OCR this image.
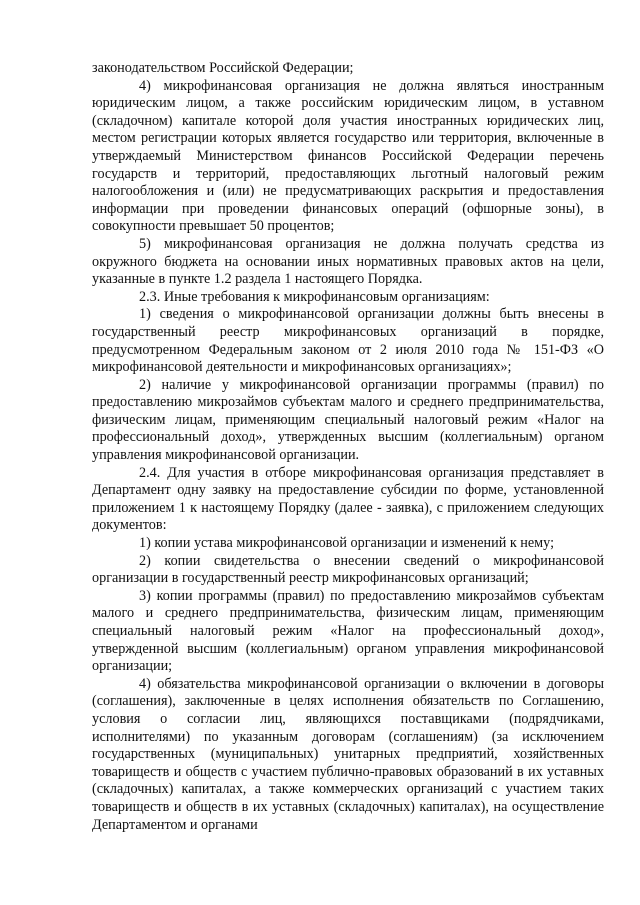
законодательством Российской Федерации;

4) микрофинансовая организация не должна являться иностранным юридическим лицом, а также российским юридическим лицом, в уставном (складочном) капитале которой доля участия иностранных юридических лиц, местом регистрации которых является государство или территория, включенные в утверждаемый Министерством финансов Российской Федерации перечень государств и территорий, предоставляющих льготный налоговый режим налогообложения и (или) не предусматривающих раскрытия и предоставления информации при проведении финансовых операций (офшорные зоны), в совокупности превышает 50 процентов;

5) микрофинансовая организация не должна получать средства из окружного бюджета на основании иных нормативных правовых актов на цели, указанные в пункте 1.2 раздела 1 настоящего Порядка.

2.3. Иные требования к микрофинансовым организациям:

1) сведения о микрофинансовой организации должны быть внесены в государственный реестр микрофинансовых организаций в порядке, предусмотренном Федеральным законом от 2 июля 2010 года № 151-ФЗ «О микрофинансовой деятельности и микрофинансовых организациях»;

2) наличие у микрофинансовой организации программы (правил) по предоставлению микрозаймов субъектам малого и среднего предпринимательства, физическим лицам, применяющим специальный налоговый режим «Налог на профессиональный доход», утвержденных высшим (коллегиальным) органом управления микрофинансовой организации.

2.4. Для участия в отборе микрофинансовая организация представляет в Департамент одну заявку на предоставление субсидии по форме, установленной приложением 1 к настоящему Порядку (далее - заявка), с приложением следующих документов:

1) копии устава микрофинансовой организации и изменений к нему;

2) копии свидетельства о внесении сведений о микрофинансовой организации в государственный реестр микрофинансовых организаций;

3) копии программы (правил) по предоставлению микрозаймов субъектам малого и среднего предпринимательства, физическим лицам, применяющим специальный налоговый режим «Налог на профессиональный доход», утвержденной высшим (коллегиальным) органом управления микрофинансовой организации;

4) обязательства микрофинансовой организации о включении в договоры (соглашения), заключенные в целях исполнения обязательств по Соглашению, условия о согласии лиц, являющихся поставщиками (подрядчиками, исполнителями) по указанным договорам (соглашениям) (за исключением государственных (муниципальных) унитарных предприятий, хозяйственных товариществ и обществ с участием публично-правовых образований в их уставных (складочных) капиталах, а также коммерческих организаций с участием таких товариществ и обществ в их уставных (складочных) капиталах), на осуществление Департаментом и органами
